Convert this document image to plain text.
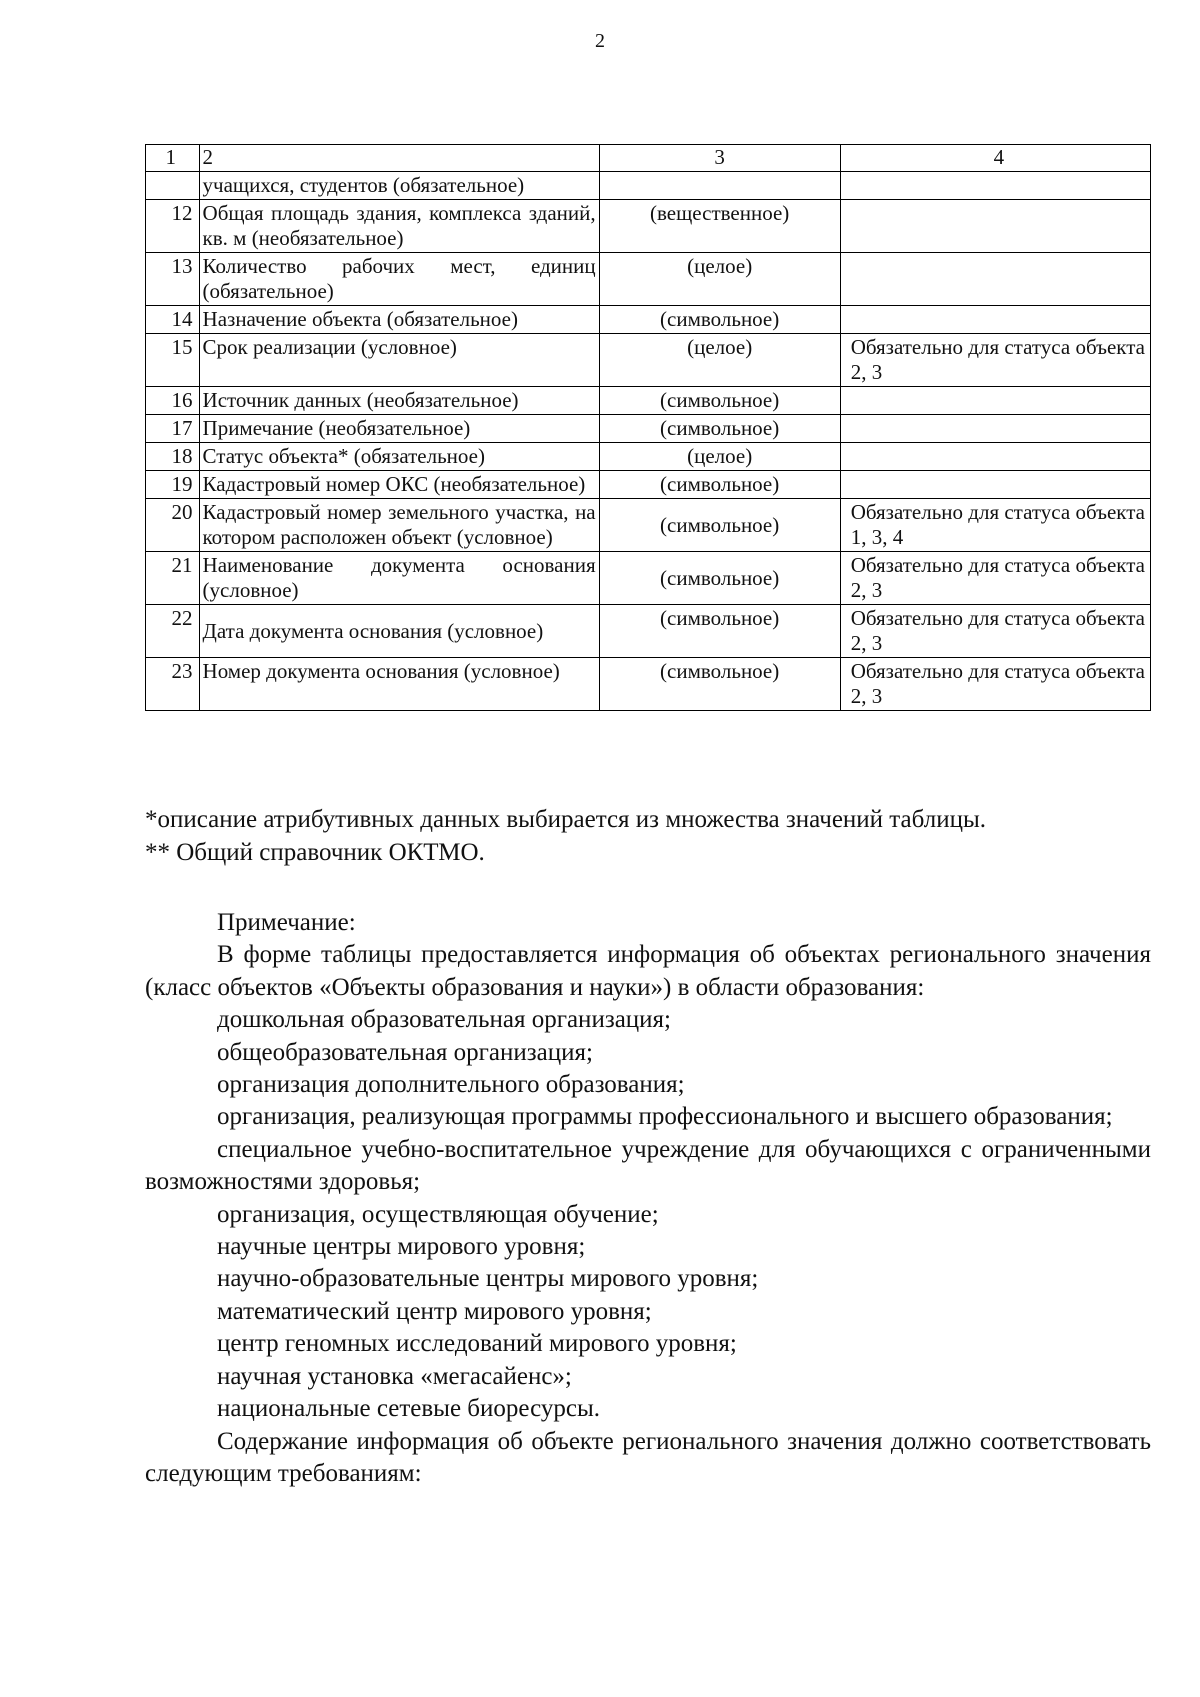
2
1	2	3	4
	учащихся, студентов (обязательное)		
12	Общая площадь здания, комплекса зданий, кв. м (необязательное)	(вещественное)	
13	Количество рабочих мест, единиц (обязательное)	(целое)	
14	Назначение объекта (обязательное)	(символьное)	
15	Срок реализации (условное)	(целое)	Обязательно для статуса объекта 2, 3
16	Источник данных (необязательное)	(символьное)	
17	Примечание (необязательное)	(символьное)	
18	Статус объекта* (обязательное)	(целое)	
19	Кадастровый номер ОКС (необязательное)	(символьное)	
20	Кадастровый номер земельного участка, на котором расположен объект (условное)	(символьное)	Обязательно для статуса объекта 1, 3, 4
21	Наименование документа основания (условное)	(символьное)	Обязательно для статуса объекта 2, 3
22	Дата документа основания (условное)	(символьное)	Обязательно для статуса объекта 2, 3
23	Номер документа основания (условное)	(символьное)	Обязательно для статуса объекта 2, 3
*описание атрибутивных данных выбирается из множества значений таблицы.
** Общий справочник ОКТМО.

Примечание:

В форме таблицы предоставляется информация об объектах регионального значения (класс объектов «Объекты образования и науки») в области образования:

дошкольная образовательная организация;

общеобразовательная организация;

организация дополнительного образования;

организация, реализующая программы профессионального и высшего образования;

специальное учебно-воспитательное учреждение для обучающихся с ограниченными возможностями здоровья;

организация, осуществляющая обучение;

научные центры мирового уровня;

научно-образовательные центры мирового уровня;

математический центр мирового уровня;

центр геномных исследований мирового уровня;

научная установка «мегасайенс»;

национальные сетевые биоресурсы.

Содержание информация об объекте регионального значения должно соответствовать следующим требованиям:
